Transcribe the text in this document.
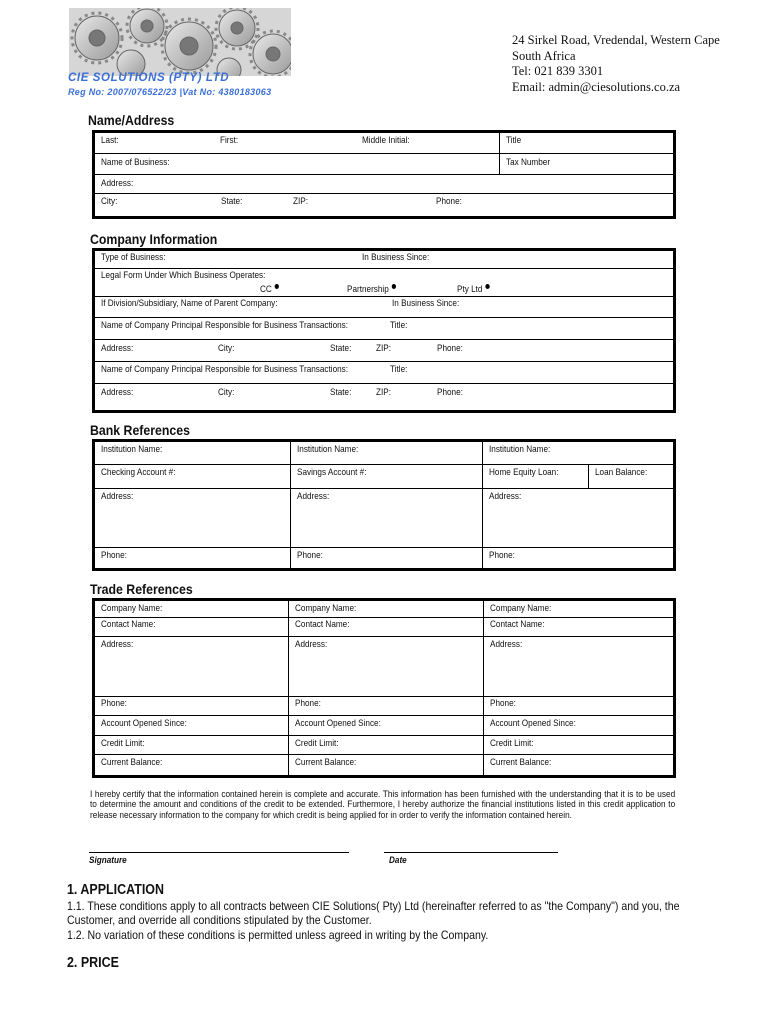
CIE SOLUTIONS (PTY) LTD
Reg No: 2007/076522/23 |Vat No: 4380183063
24 Sirkel Road, Vredendal, Western Cape
South Africa
Tel: 021 839 3301
Email: admin@ciesolutions.co.za
Name/Address
Last: First: Middle Initial:	Title

Name of Business:	Tax Number

Address:	

City: State: ZIP: Phone:	
Company Information
Type of Business:	In Business Since:

Legal Form Under Which Business Operates:
CC	Partnership	Pty Ltd

If Division/Subsidiary, Name of Parent Company:	In Business Since:

Name of Company Principal Responsible for Business Transactions:	Title:

Address:	City:	State:	ZIP:	Phone:

Name of Company Principal Responsible for Business Transactions:	Title:

Address:	City:	State:	ZIP:	Phone:
Bank References
Institution Name:	Institution Name:	Institution Name:	

Checking Account #:	Savings Account #:	Home Equity Loan:	Loan Balance:

Address:	Address:	Address:	

Phone:	Phone:	Phone:	
Trade References
Company Name:	Company Name:	Company Name:

Contact Name:	Contact Name:	Contact Name:

Address:	Address:	Address:

Phone:	Phone:	Phone:

Account Opened Since:	Account Opened Since:	Account Opened Since:

Credit Limit:	Credit Limit:	Credit Limit:

Current Balance:	Current Balance:	Current Balance:
I hereby certify that the information contained herein is complete and accurate. This information has been furnished with the understanding that it is to be used to determine the amount and conditions of the credit to be extended. Furthermore, I hereby authorize the financial institutions listed in this credit application to release necessary information to the company for which credit is being applied for in order to verify the information contained herein.
Signature	Date
1. APPLICATION
1.1. These conditions apply to all contracts between CIE Solutions( Pty) Ltd (hereinafter referred to as "the Company") and you, the
Customer, and override all conditions stipulated by the Customer.
1.2. No variation of these conditions is permitted unless agreed in writing by the Company.
2. PRICE
